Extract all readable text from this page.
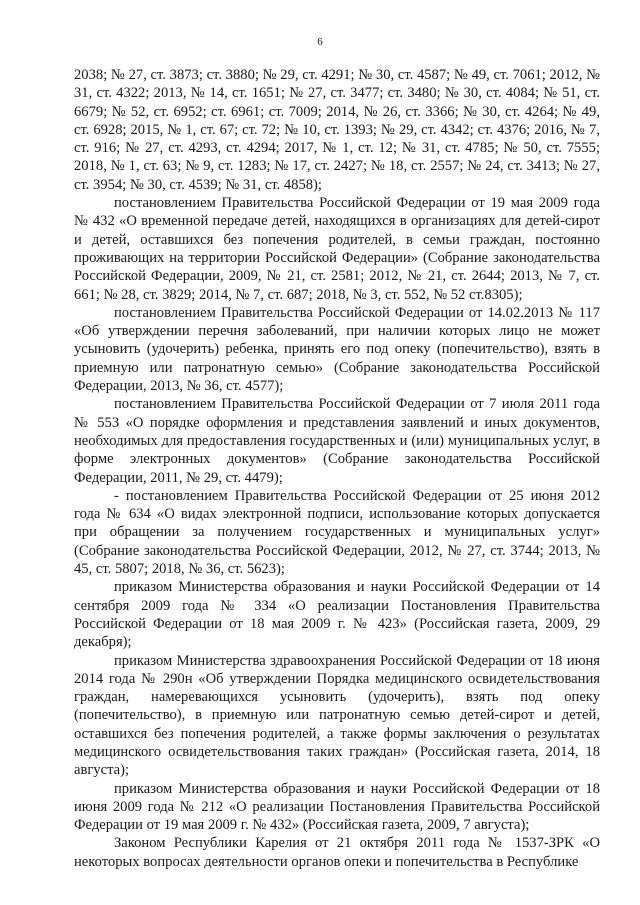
6

2038; № 27, ст. 3873; ст. 3880; № 29, ст. 4291; № 30, ст. 4587; № 49, ст. 7061; 2012, № 31, ст. 4322; 2013, № 14, ст. 1651; № 27, ст. 3477; ст. 3480; № 30, ст. 4084; № 51, ст. 6679; № 52, ст. 6952; ст. 6961; ст. 7009; 2014, № 26, ст. 3366; № 30, ст. 4264; № 49, ст. 6928; 2015, № 1, ст. 67; ст. 72; № 10, ст. 1393; № 29, ст. 4342; ст. 4376; 2016, № 7, ст. 916; № 27, ст. 4293, ст. 4294; 2017, № 1, ст. 12; № 31, ст. 4785; № 50, ст. 7555; 2018, № 1, ст. 63; № 9, ст. 1283; № 17, ст. 2427; № 18, ст. 2557; № 24, ст. 3413; № 27, ст. 3954; № 30, ст. 4539; № 31, ст. 4858);

постановлением Правительства Российской Федерации от 19 мая 2009 года № 432 «О временной передаче детей, находящихся в организациях для детей-сирот и детей, оставшихся без попечения родителей, в семьи граждан, постоянно проживающих на территории Российской Федерации» (Собрание законодательства Российской Федерации, 2009, № 21, ст. 2581; 2012, № 21, ст. 2644; 2013, № 7, ст. 661; № 28, ст. 3829; 2014, № 7, ст. 687; 2018, № 3, ст. 552, № 52 ст.8305);

постановлением Правительства Российской Федерации от 14.02.2013 № 117 «Об утверждении перечня заболеваний, при наличии которых лицо не может усыновить (удочерить) ребенка, принять его под опеку (попечительство), взять в приемную или патронатную семью» (Собрание законодательства Российской Федерации, 2013, № 36, ст. 4577);

постановлением Правительства Российской Федерации от 7 июля 2011 года № 553 «О порядке оформления и представления заявлений и иных документов, необходимых для предоставления государственных и (или) муниципальных услуг, в форме электронных документов» (Собрание законодательства Российской Федерации, 2011, № 29, ст. 4479);

- постановлением Правительства Российской Федерации от 25 июня 2012 года № 634 «О видах электронной подписи, использование которых допускается при обращении за получением государственных и муниципальных услуг» (Собрание законодательства Российской Федерации, 2012, № 27, ст. 3744; 2013, № 45, ст. 5807; 2018, № 36, ст. 5623);

приказом Министерства образования и науки Российской Федерации от 14 сентября 2009 года № 334 «О реализации Постановления Правительства Российской Федерации от 18 мая 2009 г. № 423» (Российская газета, 2009, 29 декабря);

приказом Министерства здравоохранения Российской Федерации от 18 июня 2014 года № 290н «Об утверждении Порядка медицинского освидетельствования граждан, намеревающихся усыновить (удочерить), взять под опеку (попечительство), в приемную или патронатную семью детей-сирот и детей, оставшихся без попечения родителей, а также формы заключения о результатах медицинского освидетельствования таких граждан» (Российская газета, 2014, 18 августа);

приказом Министерства образования и науки Российской Федерации от 18 июня 2009 года № 212 «О реализации Постановления Правительства Российской Федерации от 19 мая 2009 г. № 432» (Российская газета, 2009, 7 августа);

Законом Республики Карелия от 21 октября 2011 года № 1537-ЗРК «О некоторых вопросах деятельности органов опеки и попечительства в Республике
